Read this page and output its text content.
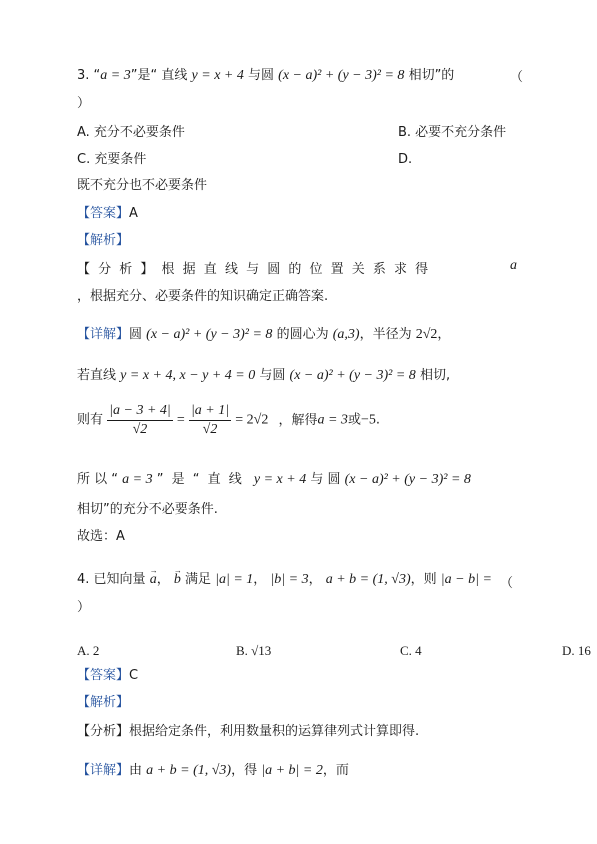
3. “a = 3”是“ 直线 y = x + 4 与圆 (x − a)² + (y − 3)² = 8 相切”的	（
）
A. 充分不必要条件	B. 必要不充分条件
C. 充要条件	D.
既不充分也不必要条件
【答案】A
【解析】
【 分 析 】 根 据 直 线 与 圆 的 位 置 关 系 求 得	a
，根据充分、必要条件的知识确定正确答案.
【详解】圆 (x − a)² + (y − 3)² = 8 的圆心为 (a,3)，半径为 2√2，
若直线 y = x + 4, x − y + 4 = 0 与圆 (x − a)² + (y − 3)² = 8 相切,
则有 $\frac{|a - 3 + 4|}{√2} = \frac{|a + 1|}{√2} = 2√2$ ，解得a = 3或−5.
所 以 “ a = 3 ” 是 “ 直 线 y = x + 4 与 圆 (x − a)² + (y − 3)² = 8
相切”的充分不必要条件.
故选：A
4. 已知向量 → a， → b 满足 |a| = 1， |b| = 3， a + b = (1, √3)，则 |a − b| = （
）
A. 2	B. √13	C. 4	D. 16
【答案】C
【解析】
【分析】根据给定条件，利用数量积的运算律列式计算即得.
【详解】由 a + b = (1, √3)，得 |a + b| = 2，而
